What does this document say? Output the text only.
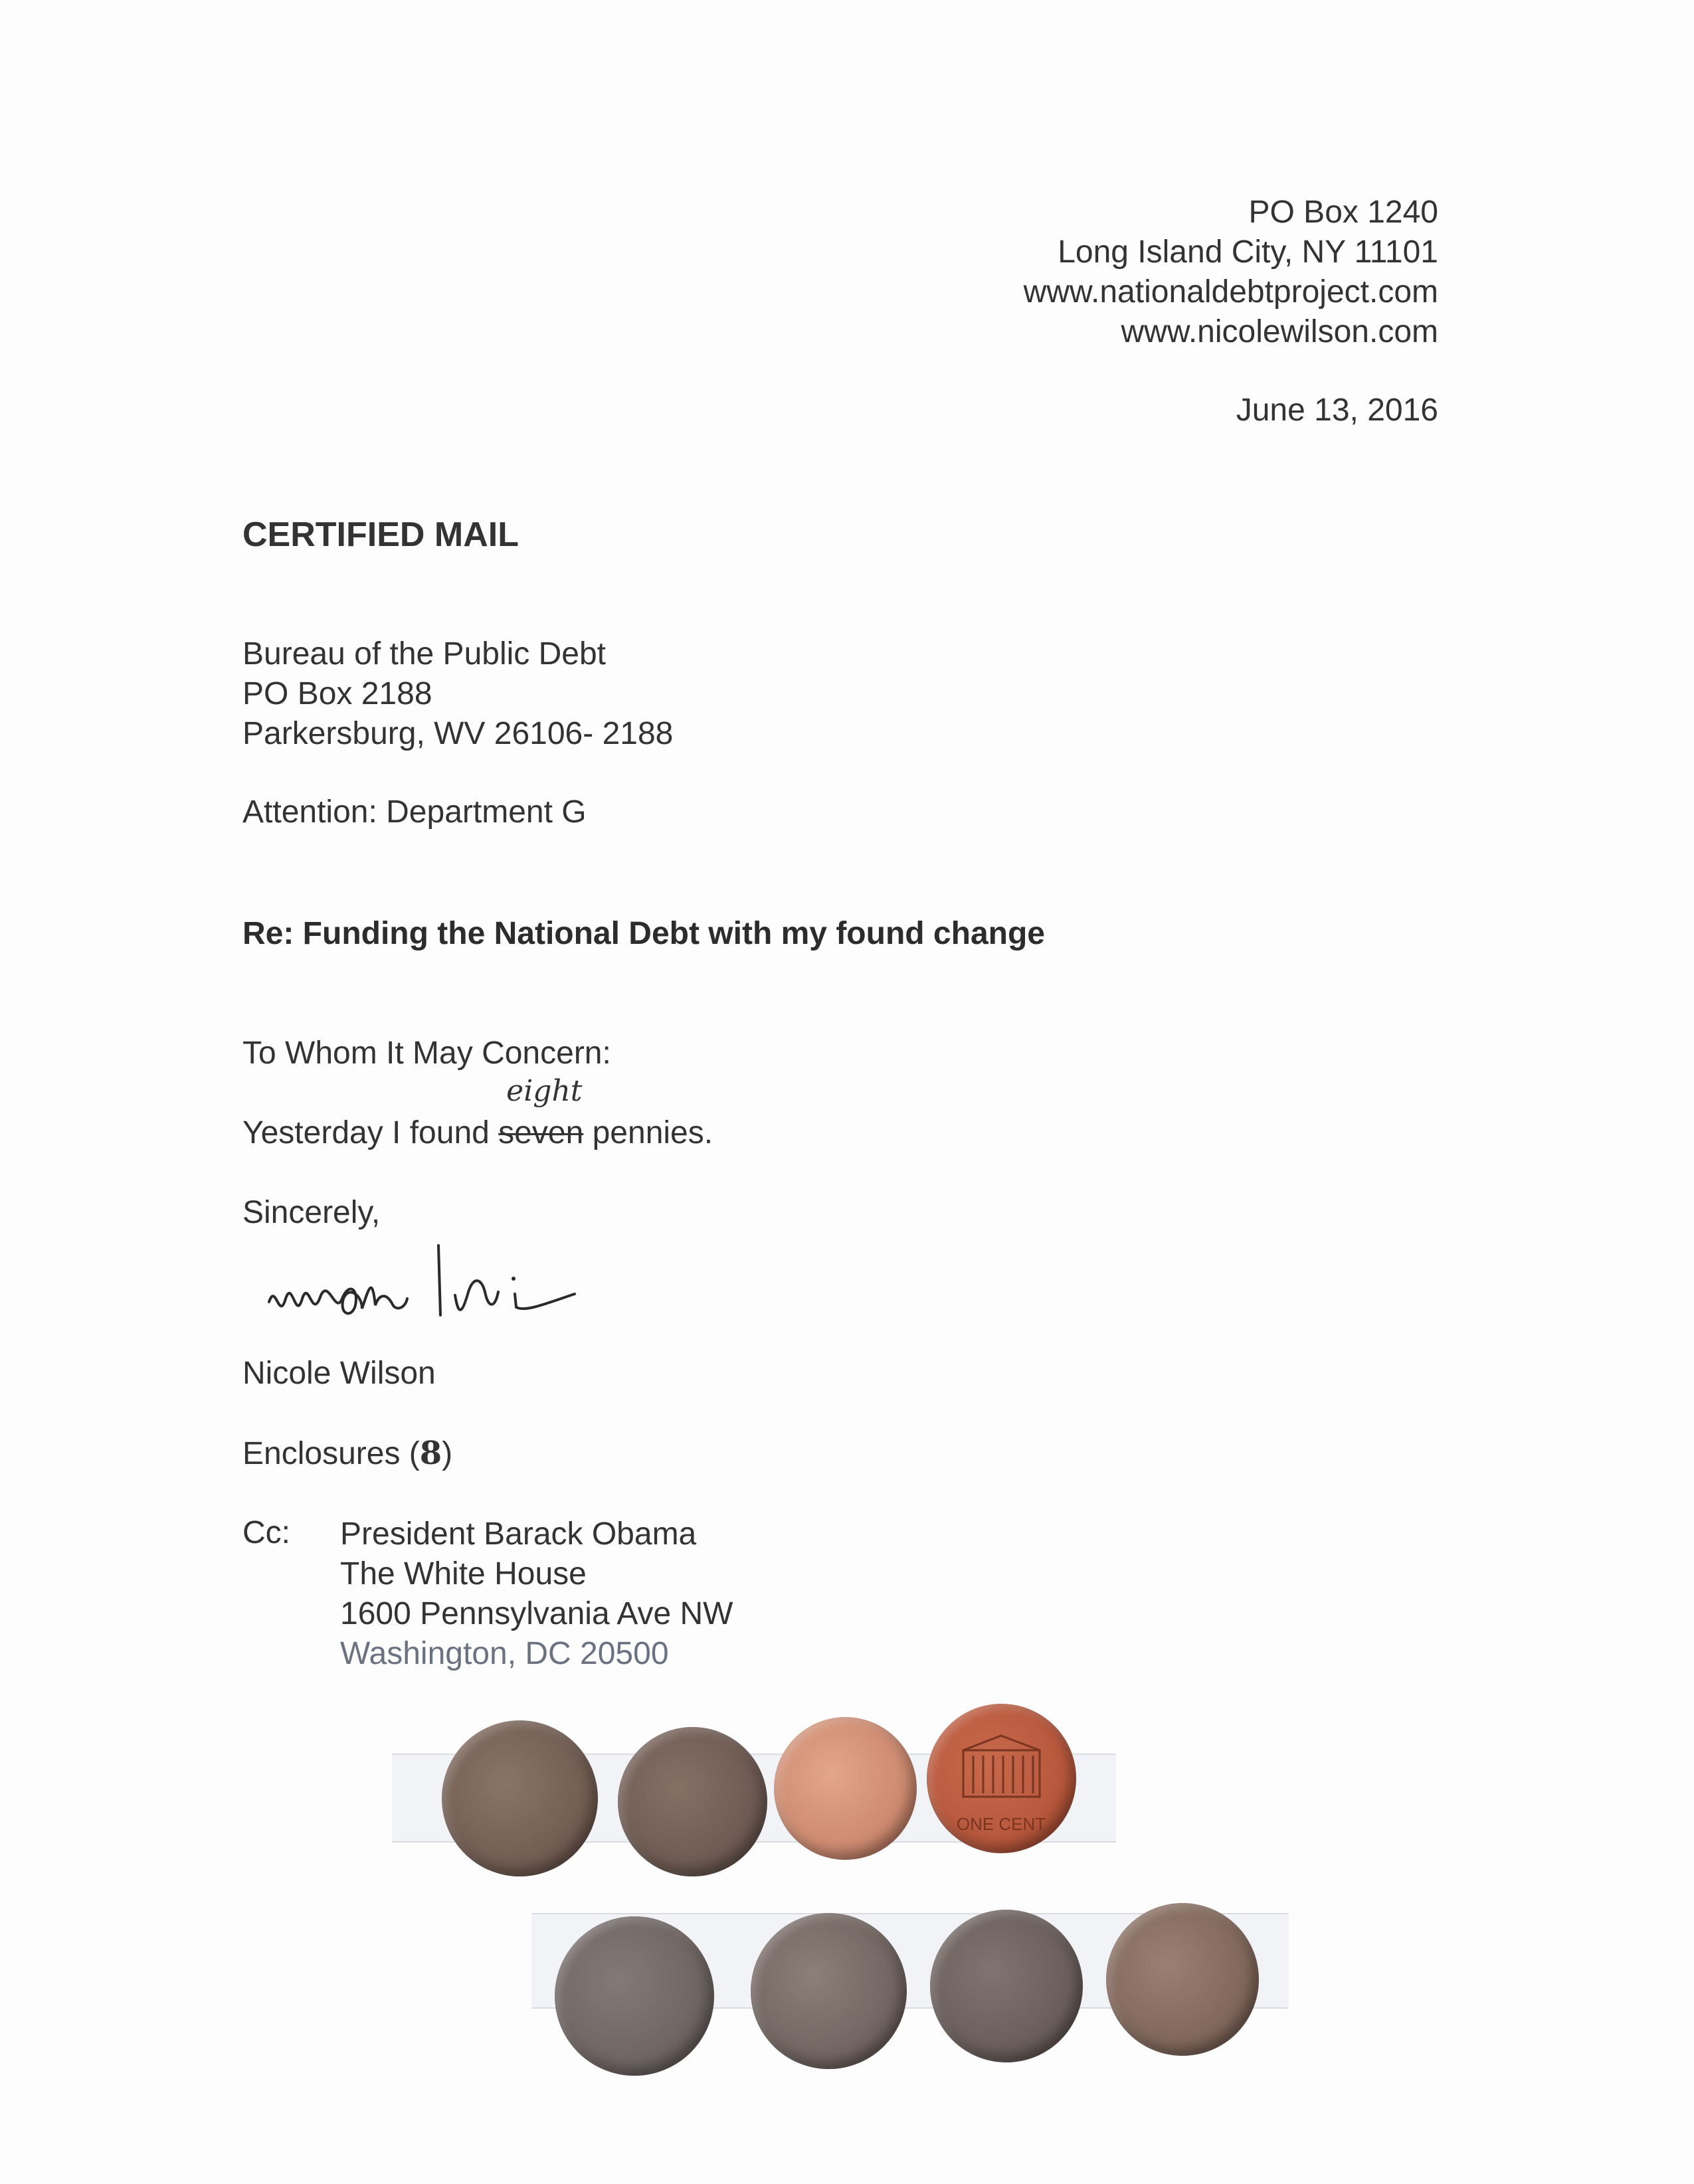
PO Box 1240
Long Island City, NY 11101
www.nationaldebtproject.com
www.nicolewilson.com
June 13, 2016
CERTIFIED MAIL
Bureau of the Public Debt
PO Box 2188
Parkersburg, WV 26106- 2188
Attention: Department G
Re: Funding the National Debt with my found change
To Whom It May Concern:
Yesterday I found seven
eight
pennies.
Sincerely,
Nicole Wilson
Enclosures (8)
Cc: President Barack Obama
The White House
1600 Pennsylvania Ave NW
Washington, DC 20500
ONE CENT
